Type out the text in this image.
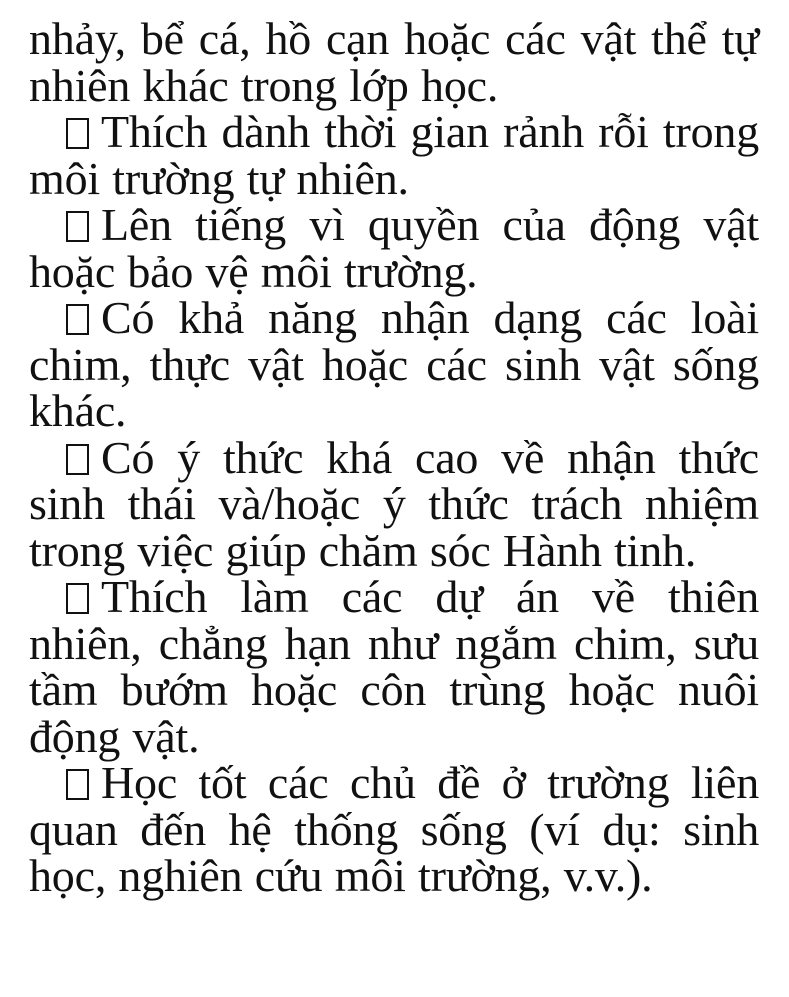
nhảy, bể cá, hồ cạn hoặc các vật thể tự nhiên khác trong lớp học.

Thích dành thời gian rảnh rỗi trong môi trường tự nhiên.

Lên tiếng vì quyền của động vật hoặc bảo vệ môi trường.

Có khả năng nhận dạng các loài chim, thực vật hoặc các sinh vật sống khác.

Có ý thức khá cao về nhận thức sinh thái và/hoặc ý thức trách nhiệm trong việc giúp chăm sóc Hành tinh.

Thích làm các dự án về thiên nhiên, chẳng hạn như ngắm chim, sưu tầm bướm hoặc côn trùng hoặc nuôi động vật.

Học tốt các chủ đề ở trường liên quan đến hệ thống sống (ví dụ: sinh học, nghiên cứu môi trường, v.v.).
